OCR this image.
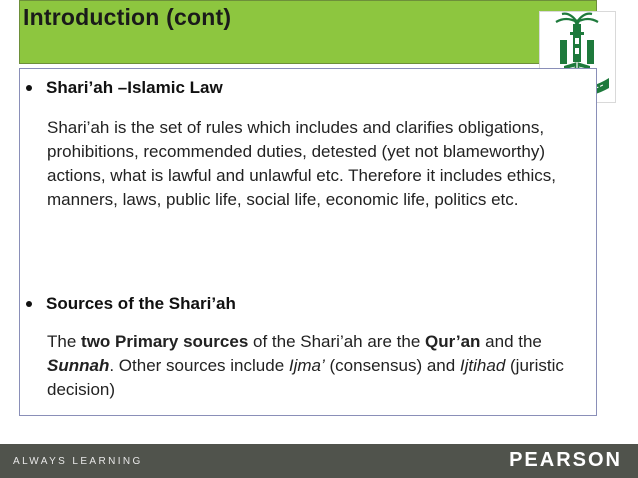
Introduction (cont)
Shari’ah –Islamic Law

Shari’ah is the set of rules which includes and clarifies obligations, prohibitions, recommended duties, detested (yet not blameworthy) actions, what is lawful and unlawful etc. Therefore it includes ethics, manners, laws, public life, social life, economic life, politics etc.

Sources of the Shari’ah

The two Primary sources of the Shari’ah are the Qur’an and the Sunnah. Other sources include Ijma’ (consensus) and Ijtihad (juristic decision)

ALWAYS LEARNING	PEARSON
